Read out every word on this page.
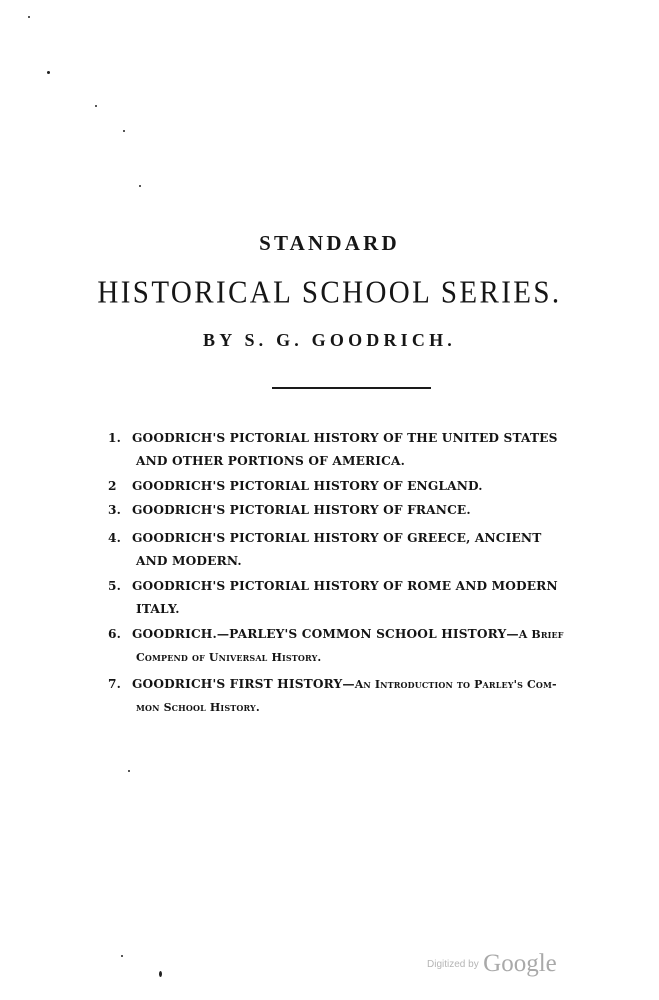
STANDARD
HISTORICAL SCHOOL SERIES.
BY S. G. GOODRICH.
1. GOODRICH'S PICTORIAL HISTORY OF THE UNITED STATES
AND OTHER PORTIONS OF AMERICA.
2 GOODRICH'S PICTORIAL HISTORY OF ENGLAND.
3. GOODRICH'S PICTORIAL HISTORY OF FRANCE.
4. GOODRICH'S PICTORIAL HISTORY OF GREECE, ANCIENT
AND MODERN.
5. GOODRICH'S PICTORIAL HISTORY OF ROME AND MODERN
ITALY.
6. GOODRICH.—PARLEY'S COMMON SCHOOL HISTORY—A Brief
Compend of Universal History.
7. GOODRICH'S FIRST HISTORY—An Introduction to Parley's Com-
mon School History.
$^{Digitized by}$ Google
